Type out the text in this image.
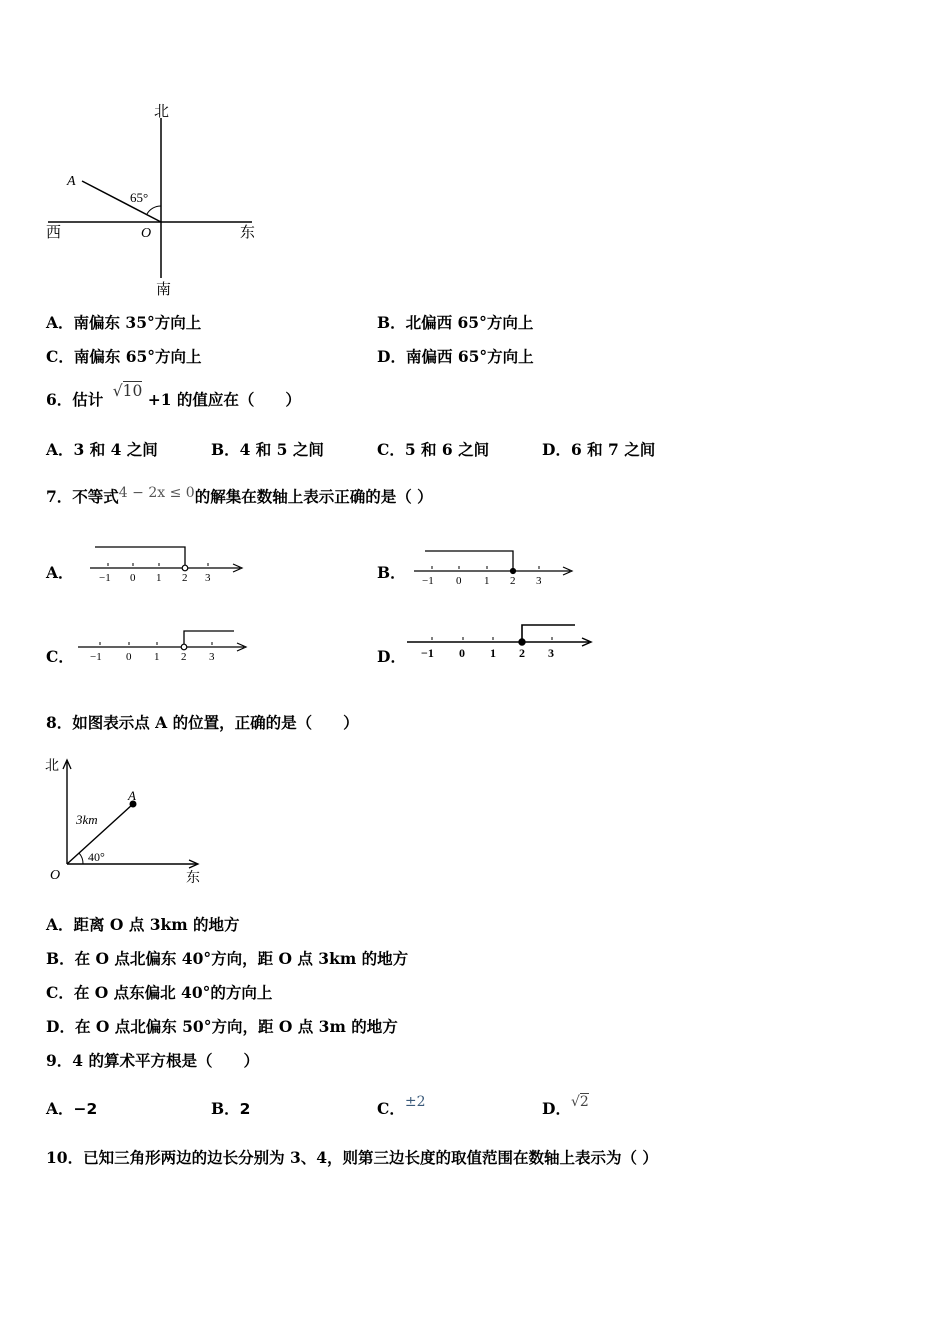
北
南
西	东
A
O
65°
A．南偏东 35°方向上	B．北偏西 65°方向上
C．南偏东 65°方向上	D．南偏西 65°方向上
6．估计 √10 +1 的值应在（　　）
A．3 和 4 之间	B．4 和 5 之间	C．5 和 6 之间	D．6 和 7 之间
7．不等式4 − 2x ≤ 0的解集在数轴上表示正确的是（ ）
A． −1 0 1 2 3	B． −1 0 1 2 3
C． −1 0 1 2 3	D． −1 0 1 2 3
8．如图表示点 A 的位置，正确的是（　　）
北
东
O
A
3km
40°
A．距离 O 点 3km 的地方
B．在 O 点北偏东 40°方向，距 O 点 3km 的地方
C．在 O 点东偏北 40°的方向上
D．在 O 点北偏东 50°方向，距 O 点 3m 的地方
9．4 的算术平方根是（　　）
A．−2	B．2	C．±2	D．√2
10．已知三角形两边的边长分别为 3、4，则第三边长度的取值范围在数轴上表示为（ ）
